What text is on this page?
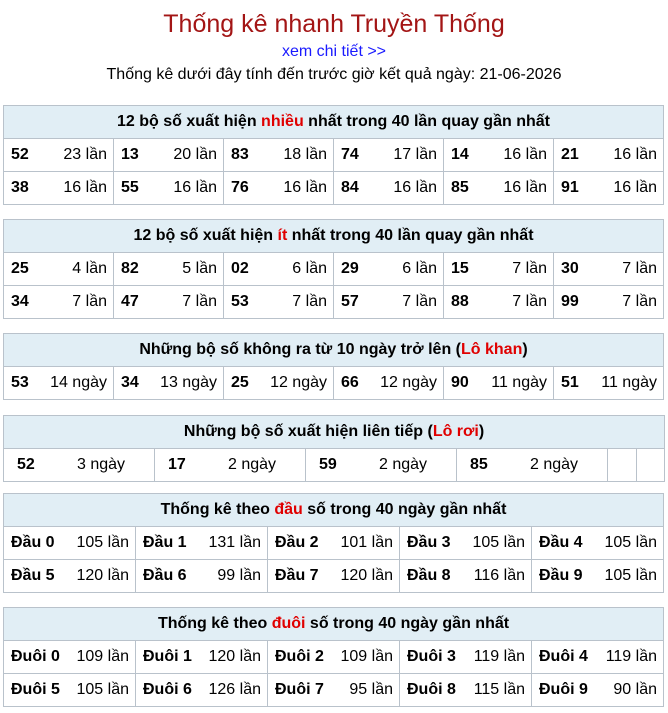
Thống kê nhanh Truyền Thống
xem chi tiết >>
Thống kê dưới đây tính đến trước giờ kết quả ngày: 21-06-2026
12 bộ số xuất hiện nhiều nhất trong 40 lần quay gần nhất					

52 23 lần	13 20 lần	83 18 lần	74 17 lần	14 16 lần	21 16 lần

38 16 lần	55 16 lần	76 16 lần	84 16 lần	85 16 lần	91 16 lần
12 bộ số xuất hiện ít nhất trong 40 lần quay gần nhất					

25 4 lần	82 5 lần	02 6 lần	29 6 lần	15 7 lần	30 7 lần

34 7 lần	47 7 lần	53 7 lần	57 7 lần	88 7 lần	99 7 lần
Những bộ số không ra từ 10 ngày trở lên (Lô khan)

53 14 ngày	34 13 ngày	25 12 ngày	66 12 ngày	90 11 ngày	51 11 ngày
Những bộ số xuất hiện liên tiếp (Lô rơi)

52	3 ngày	17	2 ngày	59	2 ngày	85	2 ngày

Thống kê theo đầu số trong 40 ngày gần nhất				

Đầu 0 105 lần	Đầu 1 131 lần	Đầu 2 101 lần	Đầu 3 105 lần	Đầu 4 105 lần

Đầu 5 120 lần	Đầu 6 99 lần	Đầu 7 120 lần	Đầu 8 116 lần	Đầu 9 105 lần
Thống kê theo đuôi số trong 40 ngày gần nhất				

Đuôi 0 109 lần	Đuôi 1 120 lần	Đuôi 2 109 lần	Đuôi 3 119 lần	Đuôi 4 119 lần

Đuôi 5 105 lần	Đuôi 6 126 lần	Đuôi 7 95 lần	Đuôi 8 115 lần	Đuôi 9 90 lần
